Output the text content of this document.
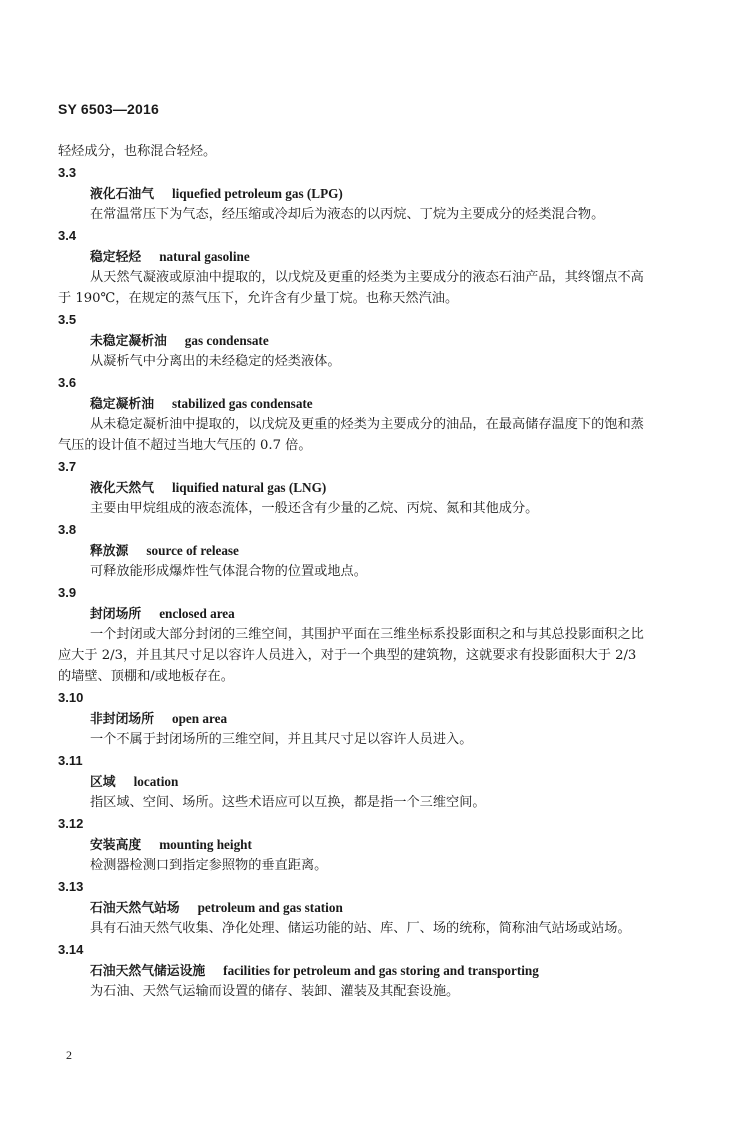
SY 6503—2016
轻烃成分，也称混合轻烃。
3.3
液化石油气 liquefied petroleum gas (LPG)
在常温常压下为气态，经压缩或冷却后为液态的以丙烷、丁烷为主要成分的烃类混合物。
3.4
稳定轻烃 natural gasoline
从天然气凝液或原油中提取的，以戊烷及更重的烃类为主要成分的液态石油产品，其终馏点不高
于 190℃，在规定的蒸气压下，允许含有少量丁烷。也称天然汽油。
3.5
未稳定凝析油 gas condensate
从凝析气中分离出的未经稳定的烃类液体。
3.6
稳定凝析油 stabilized gas condensate
从未稳定凝析油中提取的，以戊烷及更重的烃类为主要成分的油品，在最高储存温度下的饱和蒸
气压的设计值不超过当地大气压的 0.7 倍。
3.7
液化天然气 liquified natural gas (LNG)
主要由甲烷组成的液态流体，一般还含有少量的乙烷、丙烷、氮和其他成分。
3.8
释放源 source of release
可释放能形成爆炸性气体混合物的位置或地点。
3.9
封闭场所 enclosed area
一个封闭或大部分封闭的三维空间，其围护平面在三维坐标系投影面积之和与其总投影面积之比
应大于 2/3，并且其尺寸足以容许人员进入，对于一个典型的建筑物，这就要求有投影面积大于 2/3
的墙壁、顶棚和/或地板存在。
3.10
非封闭场所 open area
一个不属于封闭场所的三维空间，并且其尺寸足以容许人员进入。
3.11
区域 location
指区域、空间、场所。这些术语应可以互换，都是指一个三维空间。
3.12
安装高度 mounting height
检测器检测口到指定参照物的垂直距离。
3.13
石油天然气站场 petroleum and gas station
具有石油天然气收集、净化处理、储运功能的站、库、厂、场的统称，简称油气站场或站场。
3.14
石油天然气储运设施 facilities for petroleum and gas storing and transporting
为石油、天然气运输而设置的储存、装卸、灌装及其配套设施。
2
